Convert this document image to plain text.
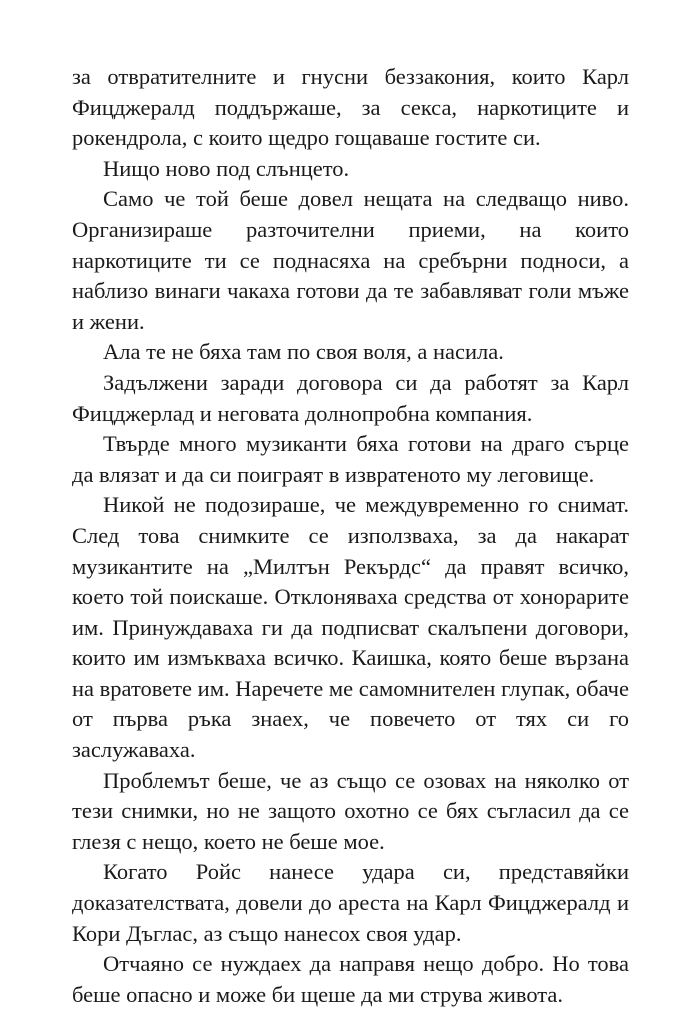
за отвратителните и гнусни беззакония, които Карл Фицджералд поддържаше, за секса, наркотиците и рокендрола, с които щедро гощаваше гостите си.

Нищо ново под слънцето.

Само че той беше довел нещата на следващо ниво. Организираше разточителни приеми, на които наркотиците ти се поднасяха на сребърни подноси, а наблизо винаги чакаха готови да те забавляват голи мъже и жени.

Ала те не бяха там по своя воля, а насила.

Задължени заради договора си да работят за Карл Фицджерлад и неговата долнопробна компания.

Твърде много музиканти бяха готови на драго сърце да влязат и да си поиграят в извратеното му леговище.

Никой не подозираше, че междувременно го снимат. След това снимките се използваха, за да накарат музикантите на „Милтън Рекърдс“ да правят всичко, което той поискаше. Отклоняваха средства от хонорарите им. Принуждаваха ги да подписват скалъпени договори, които им измъкваха всичко. Каишка, която беше вързана на вратовете им. Наречете ме самомнителен глупак, обаче от първа ръка знаех, че повечето от тях си го заслужаваха.

Проблемът беше, че аз също се озовах на няколко от тези снимки, но не защото охотно се бях съгласил да се глезя с нещо, което не беше мое.

Когато Ройс нанесе удара си, представяйки доказателствата, довели до ареста на Карл Фицджералд и Кори Дъглас, аз също нанесох своя удар.

Отчаяно се нуждаех да направя нещо добро. Но това беше опасно и може би щеше да ми струва живота.
